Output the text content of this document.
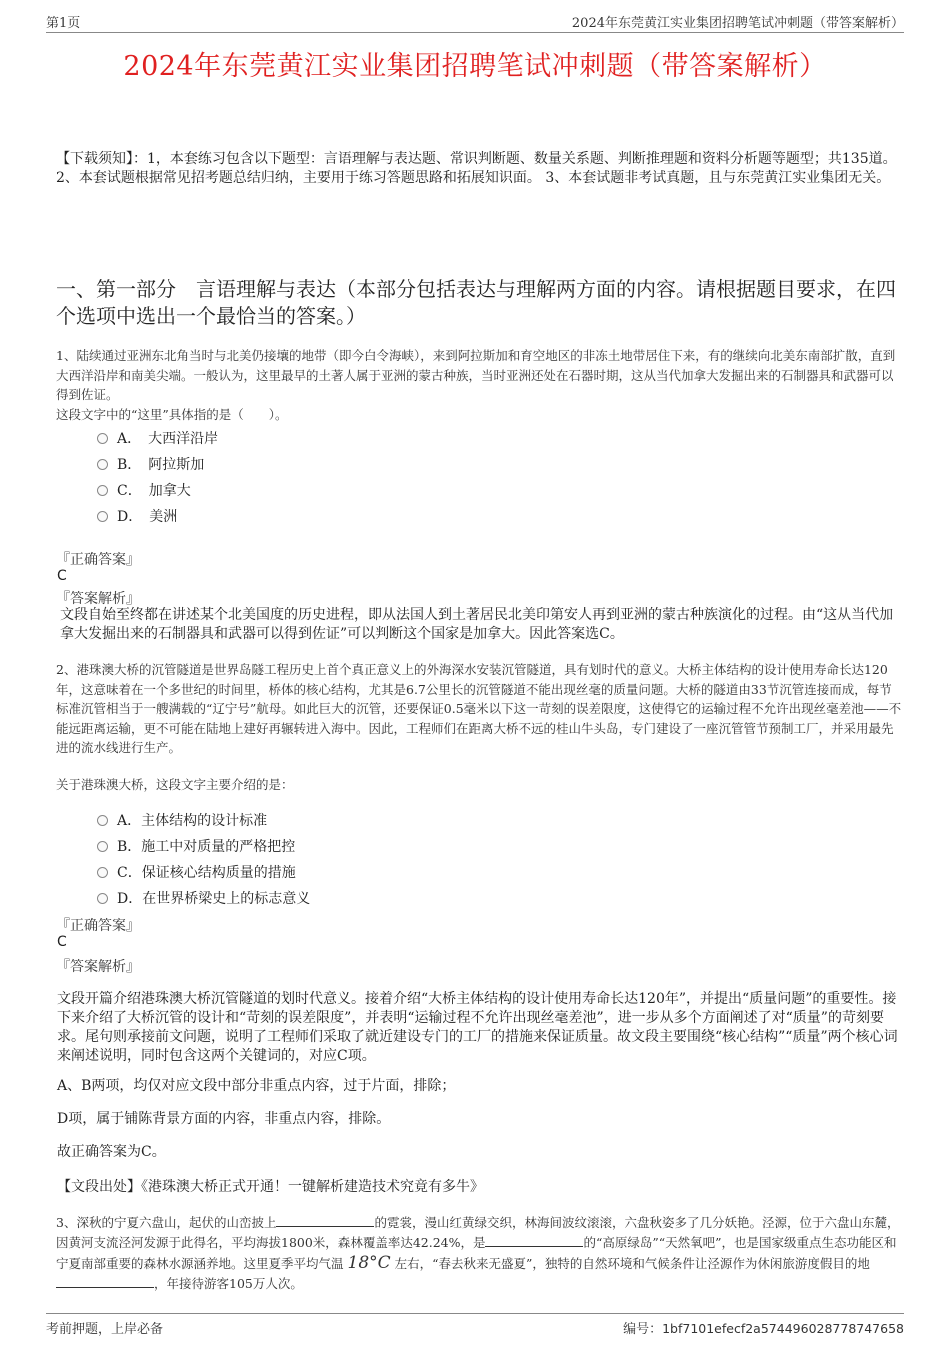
第1页	2024年东莞黄江实业集团招聘笔试冲刺题（带答案解析）
2024年东莞黄江实业集团招聘笔试冲刺题（带答案解析）
【下载须知】：1，本套练习包含以下题型：言语理解与表达题、常识判断题、数量关系题、判断推理题和资料分析题等题型；共135道。 2、本套试题根据常见招考题总结归纳，主要用于练习答题思路和拓展知识面。 3、本套试题非考试真题，且与东莞黄江实业集团无关。
一、第一部分　言语理解与表达（本部分包括表达与理解两方面的内容。请根据题目要求，在四个选项中选出一个最恰当的答案。）
1、陆续通过亚洲东北角当时与北美仍接壤的地带（即今白令海峡），来到阿拉斯加和育空地区的非冻土地带居住下来，有的继续向北美东南部扩散，直到大西洋沿岸和南美尖端。一般认为，这里最早的土著人属于亚洲的蒙古种族，当时亚洲还处在石器时期，这从当代加拿大发掘出来的石制器具和武器可以得到佐证。
这段文字中的“这里”具体指的是（　　）。
A．　大西洋沿岸
B．　阿拉斯加
C．　加拿大
D．　美洲
『正确答案』
C
『答案解析』
文段自始至终都在讲述某个北美国度的历史进程，即从法国人到土著居民北美印第安人再到亚洲的蒙古种族演化的过程。由“这从当代加拿大发掘出来的石制器具和武器可以得到佐证”可以判断这个国家是加拿大。因此答案选C。
2、港珠澳大桥的沉管隧道是世界岛隧工程历史上首个真正意义上的外海深水安装沉管隧道，具有划时代的意义。大桥主体结构的设计使用寿命长达120年，这意味着在一个多世纪的时间里，桥体的核心结构，尤其是6.7公里长的沉管隧道不能出现丝毫的质量问题。大桥的隧道由33节沉管连接而成，每节标准沉管相当于一艘满载的“辽宁号”航母。如此巨大的沉管，还要保证0.5毫米以下这一苛刻的误差限度，这使得它的运输过程不允许出现丝毫差池——不能远距离运输，更不可能在陆地上建好再辗转进入海中。因此，工程师们在距离大桥不远的桂山牛头岛，专门建设了一座沉管管节预制工厂，并采用最先进的流水线进行生产。
关于港珠澳大桥，这段文字主要介绍的是：
A．主体结构的设计标准
B．施工中对质量的严格把控
C．保证核心结构质量的措施
D．在世界桥梁史上的标志意义
『正确答案』
C
『答案解析』
文段开篇介绍港珠澳大桥沉管隧道的划时代意义。接着介绍“大桥主体结构的设计使用寿命长达120年”，并提出“质量问题”的重要性。接下来介绍了大桥沉管的设计和“苛刻的误差限度”，并表明“运输过程不允许出现丝毫差池”，进一步从多个方面阐述了对“质量”的苛刻要求。尾句则承接前文问题，说明了工程师们采取了就近建设专门的工厂的措施来保证质量。故文段主要围绕“核心结构”“质量”两个核心词来阐述说明，同时包含这两个关键词的，对应C项。
A、B两项，均仅对应文段中部分非重点内容，过于片面，排除；
D项，属于铺陈背景方面的内容，非重点内容，排除。
故正确答案为C。
【文段出处】《港珠澳大桥正式开通！一键解析建造技术究竟有多牛》
3、深秋的宁夏六盘山，起伏的山峦披上	的霓裳，漫山红黄绿交织，林海间波纹滚滚，六盘秋姿多了几分妖艳。泾源，位于六盘山东麓，因黄河支流泾河发源于此得名，平均海拔1800米，森林覆盖率达42.24%，是	的“高原绿岛”“天然氧吧”，也是国家级重点生态功能区和宁夏南部重要的森林水源涵养地。这里夏季平均气温 18°C 左右，“春去秋来无盛夏”，独特的自然环境和气候条件让泾源作为休闲旅游度假目的地，年接待游客105万人次。
考前押题，上岸必备	编号：1bf7101efecf2a574496028778747658
